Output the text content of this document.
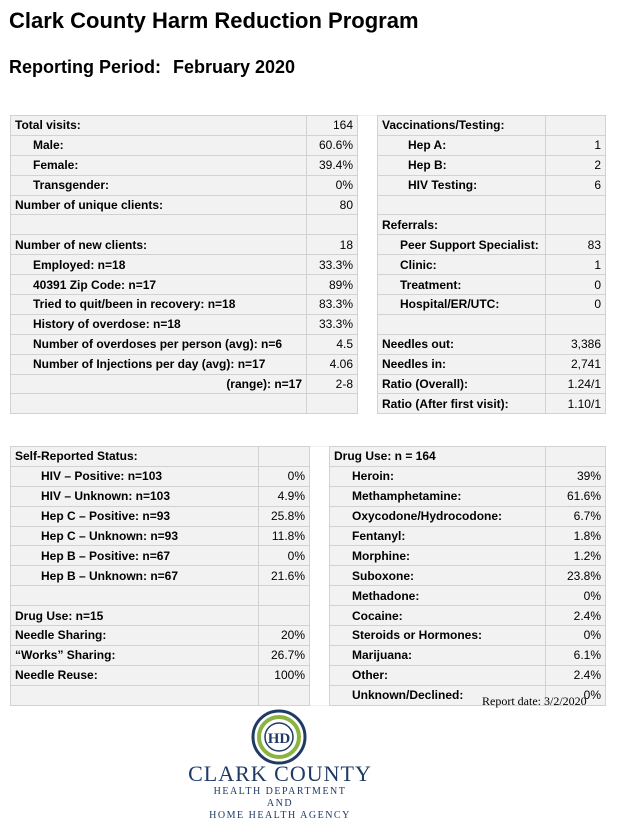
Clark County Harm Reduction Program
Reporting Period: February 2020
Total visits:	164		Vaccinations/Testing:	
Male:	60.6%		Hep A:	1
Female:	39.4%		Hep B:	2
Transgender:	0%		HIV Testing:	6
Number of unique clients:	80			
			Referrals:	
Number of new clients:	18		Peer Support Specialist:	83
Employed: n=18	33.3%		Clinic:	1
40391 Zip Code: n=17	89%		Treatment:	0
Tried to quit/been in recovery: n=18	83.3%		Hospital/ER/UTC:	0
History of overdose: n=18	33.3%			
Number of overdoses per person (avg): n=6	4.5		Needles out:	3,386
Number of Injections per day (avg): n=17	4.06		Needles in:	2,741
(range): n=17	2-8		Ratio (Overall):	1.24/1
			Ratio (After first visit):	1.10/1
Self-Reported Status:			Drug Use: n = 164	
HIV – Positive: n=103	0%		Heroin:	39%
HIV – Unknown: n=103	4.9%		Methamphetamine:	61.6%
Hep C – Positive: n=93	25.8%		Oxycodone/Hydrocodone:	6.7%
Hep C – Unknown: n=93	11.8%		Fentanyl:	1.8%
Hep B – Positive: n=67	0%		Morphine:	1.2%
Hep B – Unknown: n=67	21.6%		Suboxone:	23.8%
			Methadone:	0%
Drug Use: n=15			Cocaine:	2.4%
Needle Sharing:	20%		Steroids or Hormones:	0%
“Works” Sharing:	26.7%		Marijuana:	6.1%
Needle Reuse:	100%		Other:	2.4%
			Unknown/Declined:	0%
Report date: 3/2/2020
HD
CLARK COUNTY
HEALTH DEPARTMENT
AND
HOME HEALTH AGENCY
